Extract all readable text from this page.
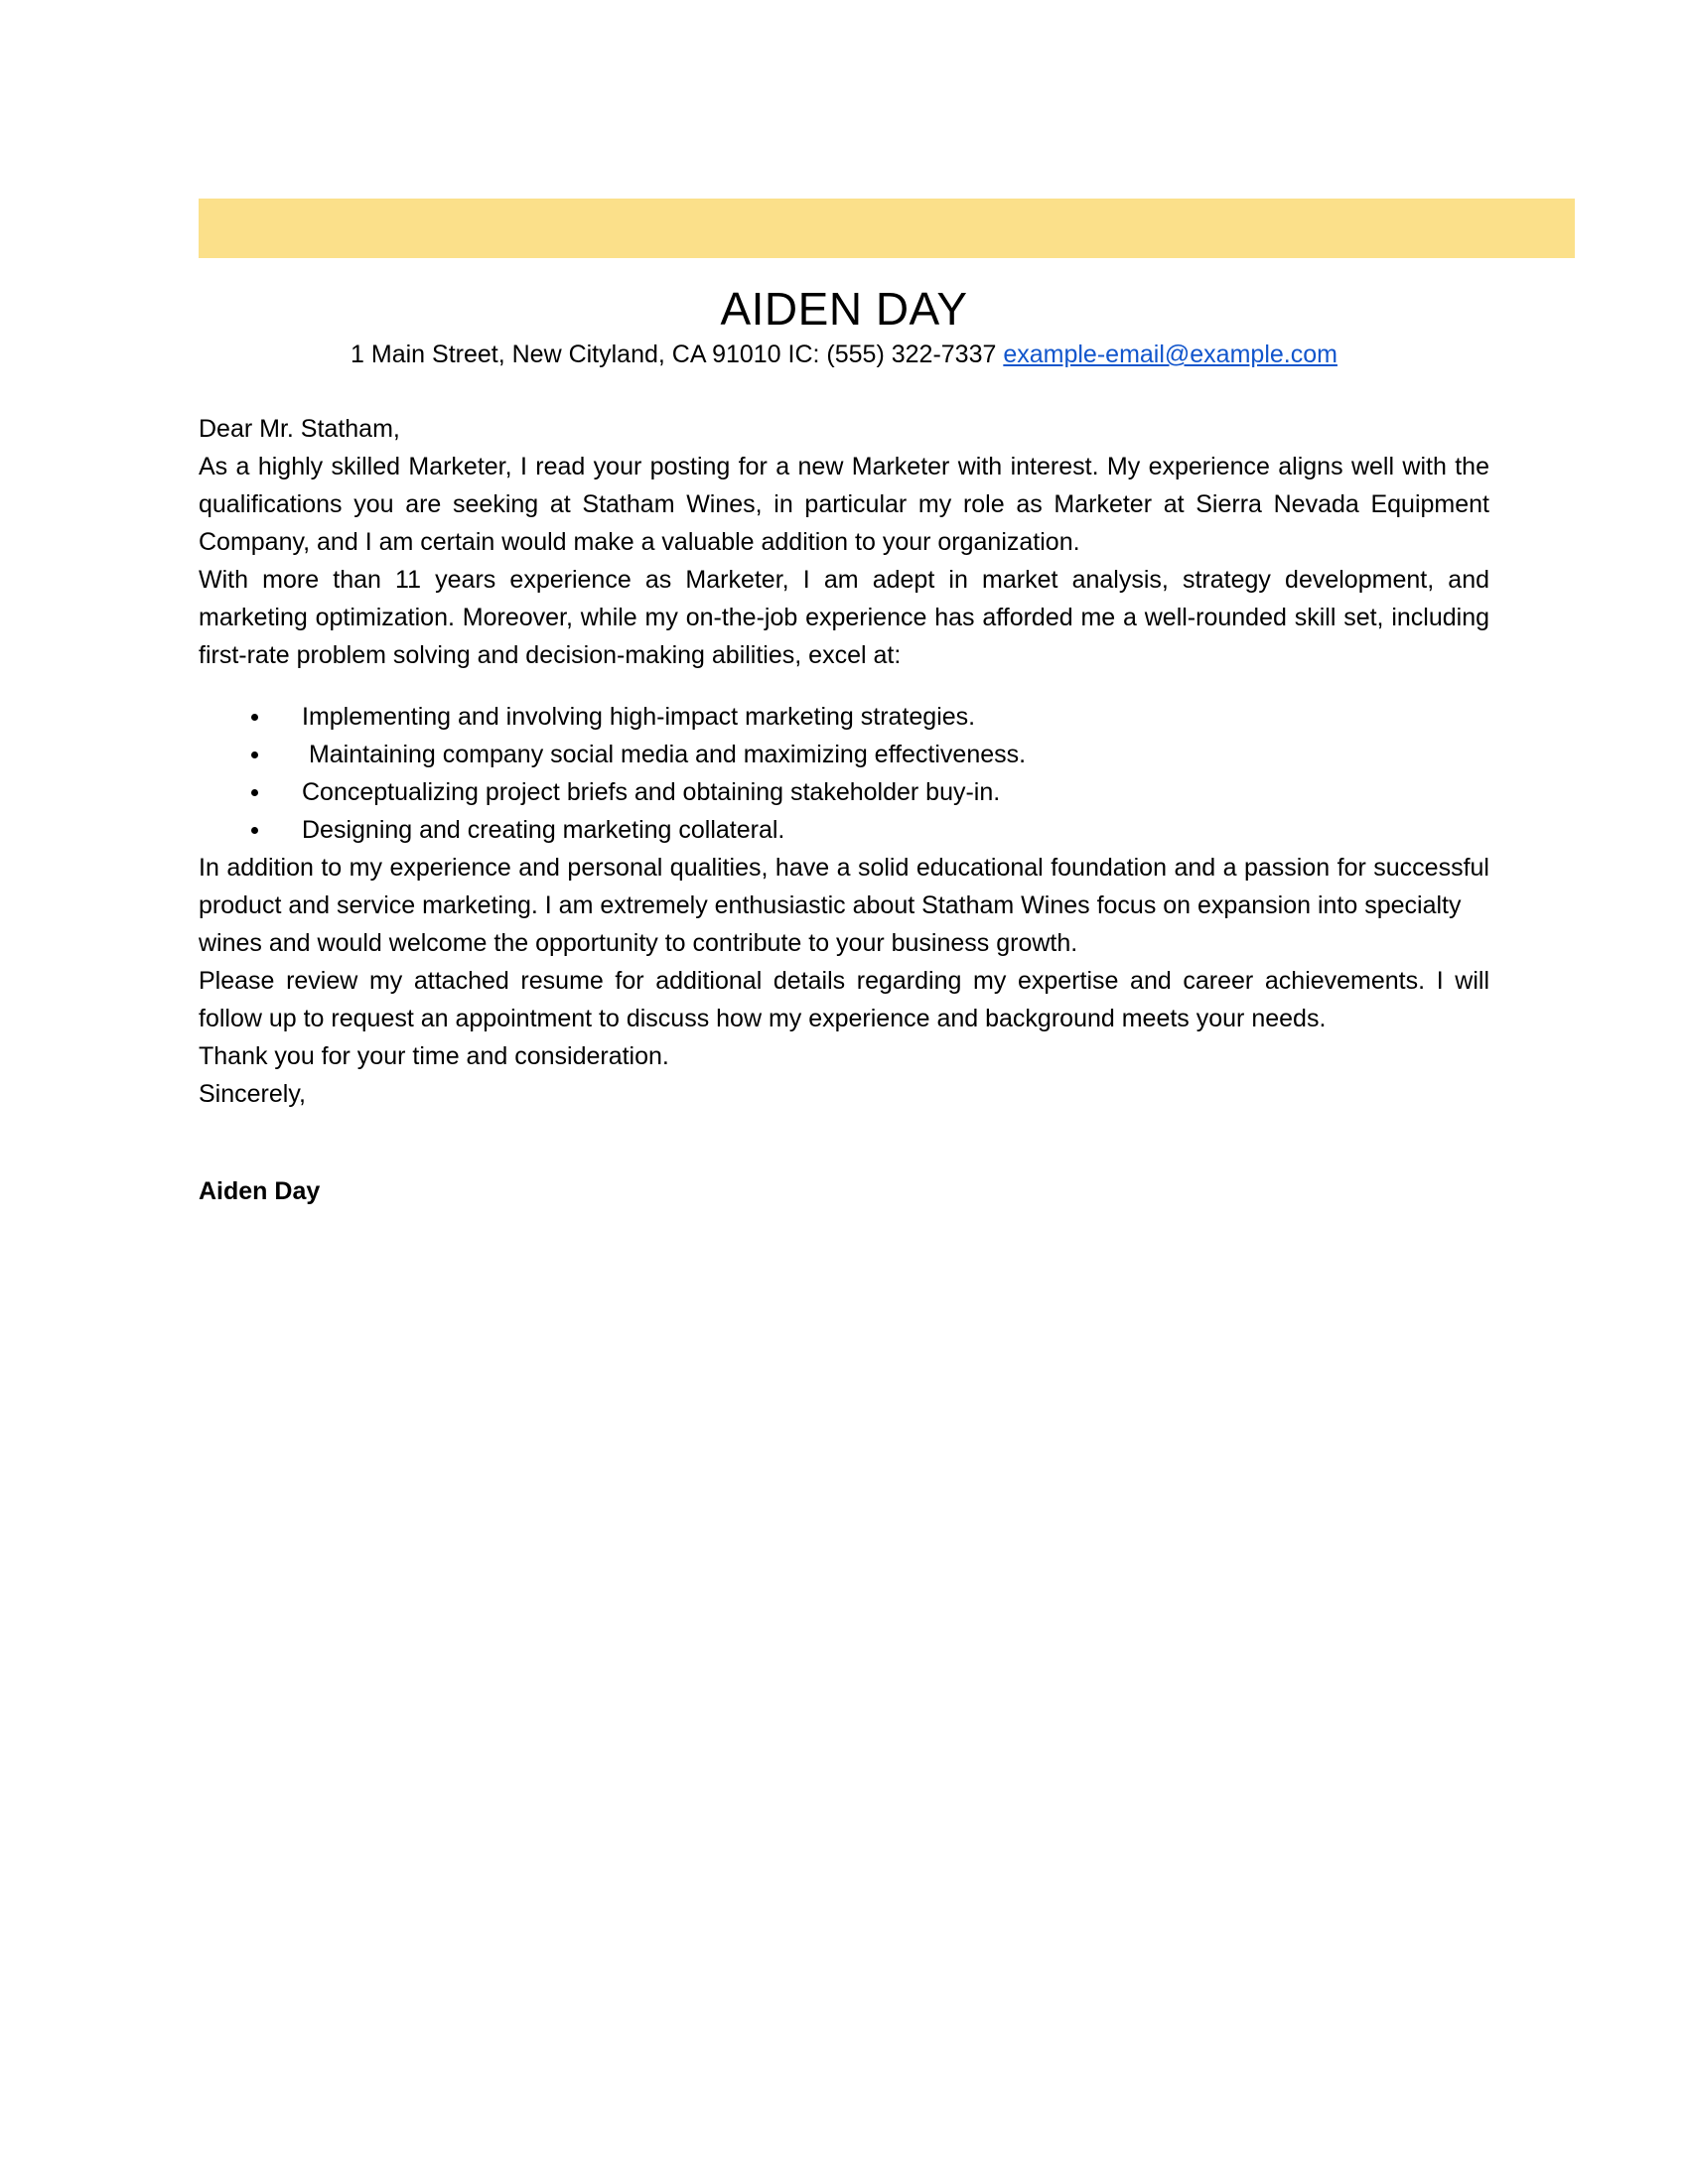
AIDEN DAY
1 Main Street, New Cityland, CA 91010 IC: (555) 322-7337 example-email@example.com

Dear Mr. Statham,

As a highly skilled Marketer, I read your posting for a new Marketer with interest. My experience aligns well with the qualifications you are seeking at Statham Wines, in particular my role as Marketer at Sierra Nevada Equipment Company, and I am certain would make a valuable addition to your organization.

With more than 11 years experience as Marketer, I am adept in market analysis, strategy development, and marketing optimization. Moreover, while my on-the-job experience has afforded me a well-rounded skill set, including first-rate problem solving and decision-making abilities, excel at:

Implementing and involving high-impact marketing strategies.
Maintaining company social media and maximizing effectiveness.
Conceptualizing project briefs and obtaining stakeholder buy-in.
Designing and creating marketing collateral.

In addition to my experience and personal qualities, have a solid educational foundation and a passion for successful product and service marketing. I am extremely enthusiastic about Statham Wines focus on expansion into specialty
wines and would welcome the opportunity to contribute to your business growth.

Please review my attached resume for additional details regarding my expertise and career achievements. I will follow up to request an appointment to discuss how my experience and background meets your needs.

Thank you for your time and consideration.
Sincerely,

Aiden Day
